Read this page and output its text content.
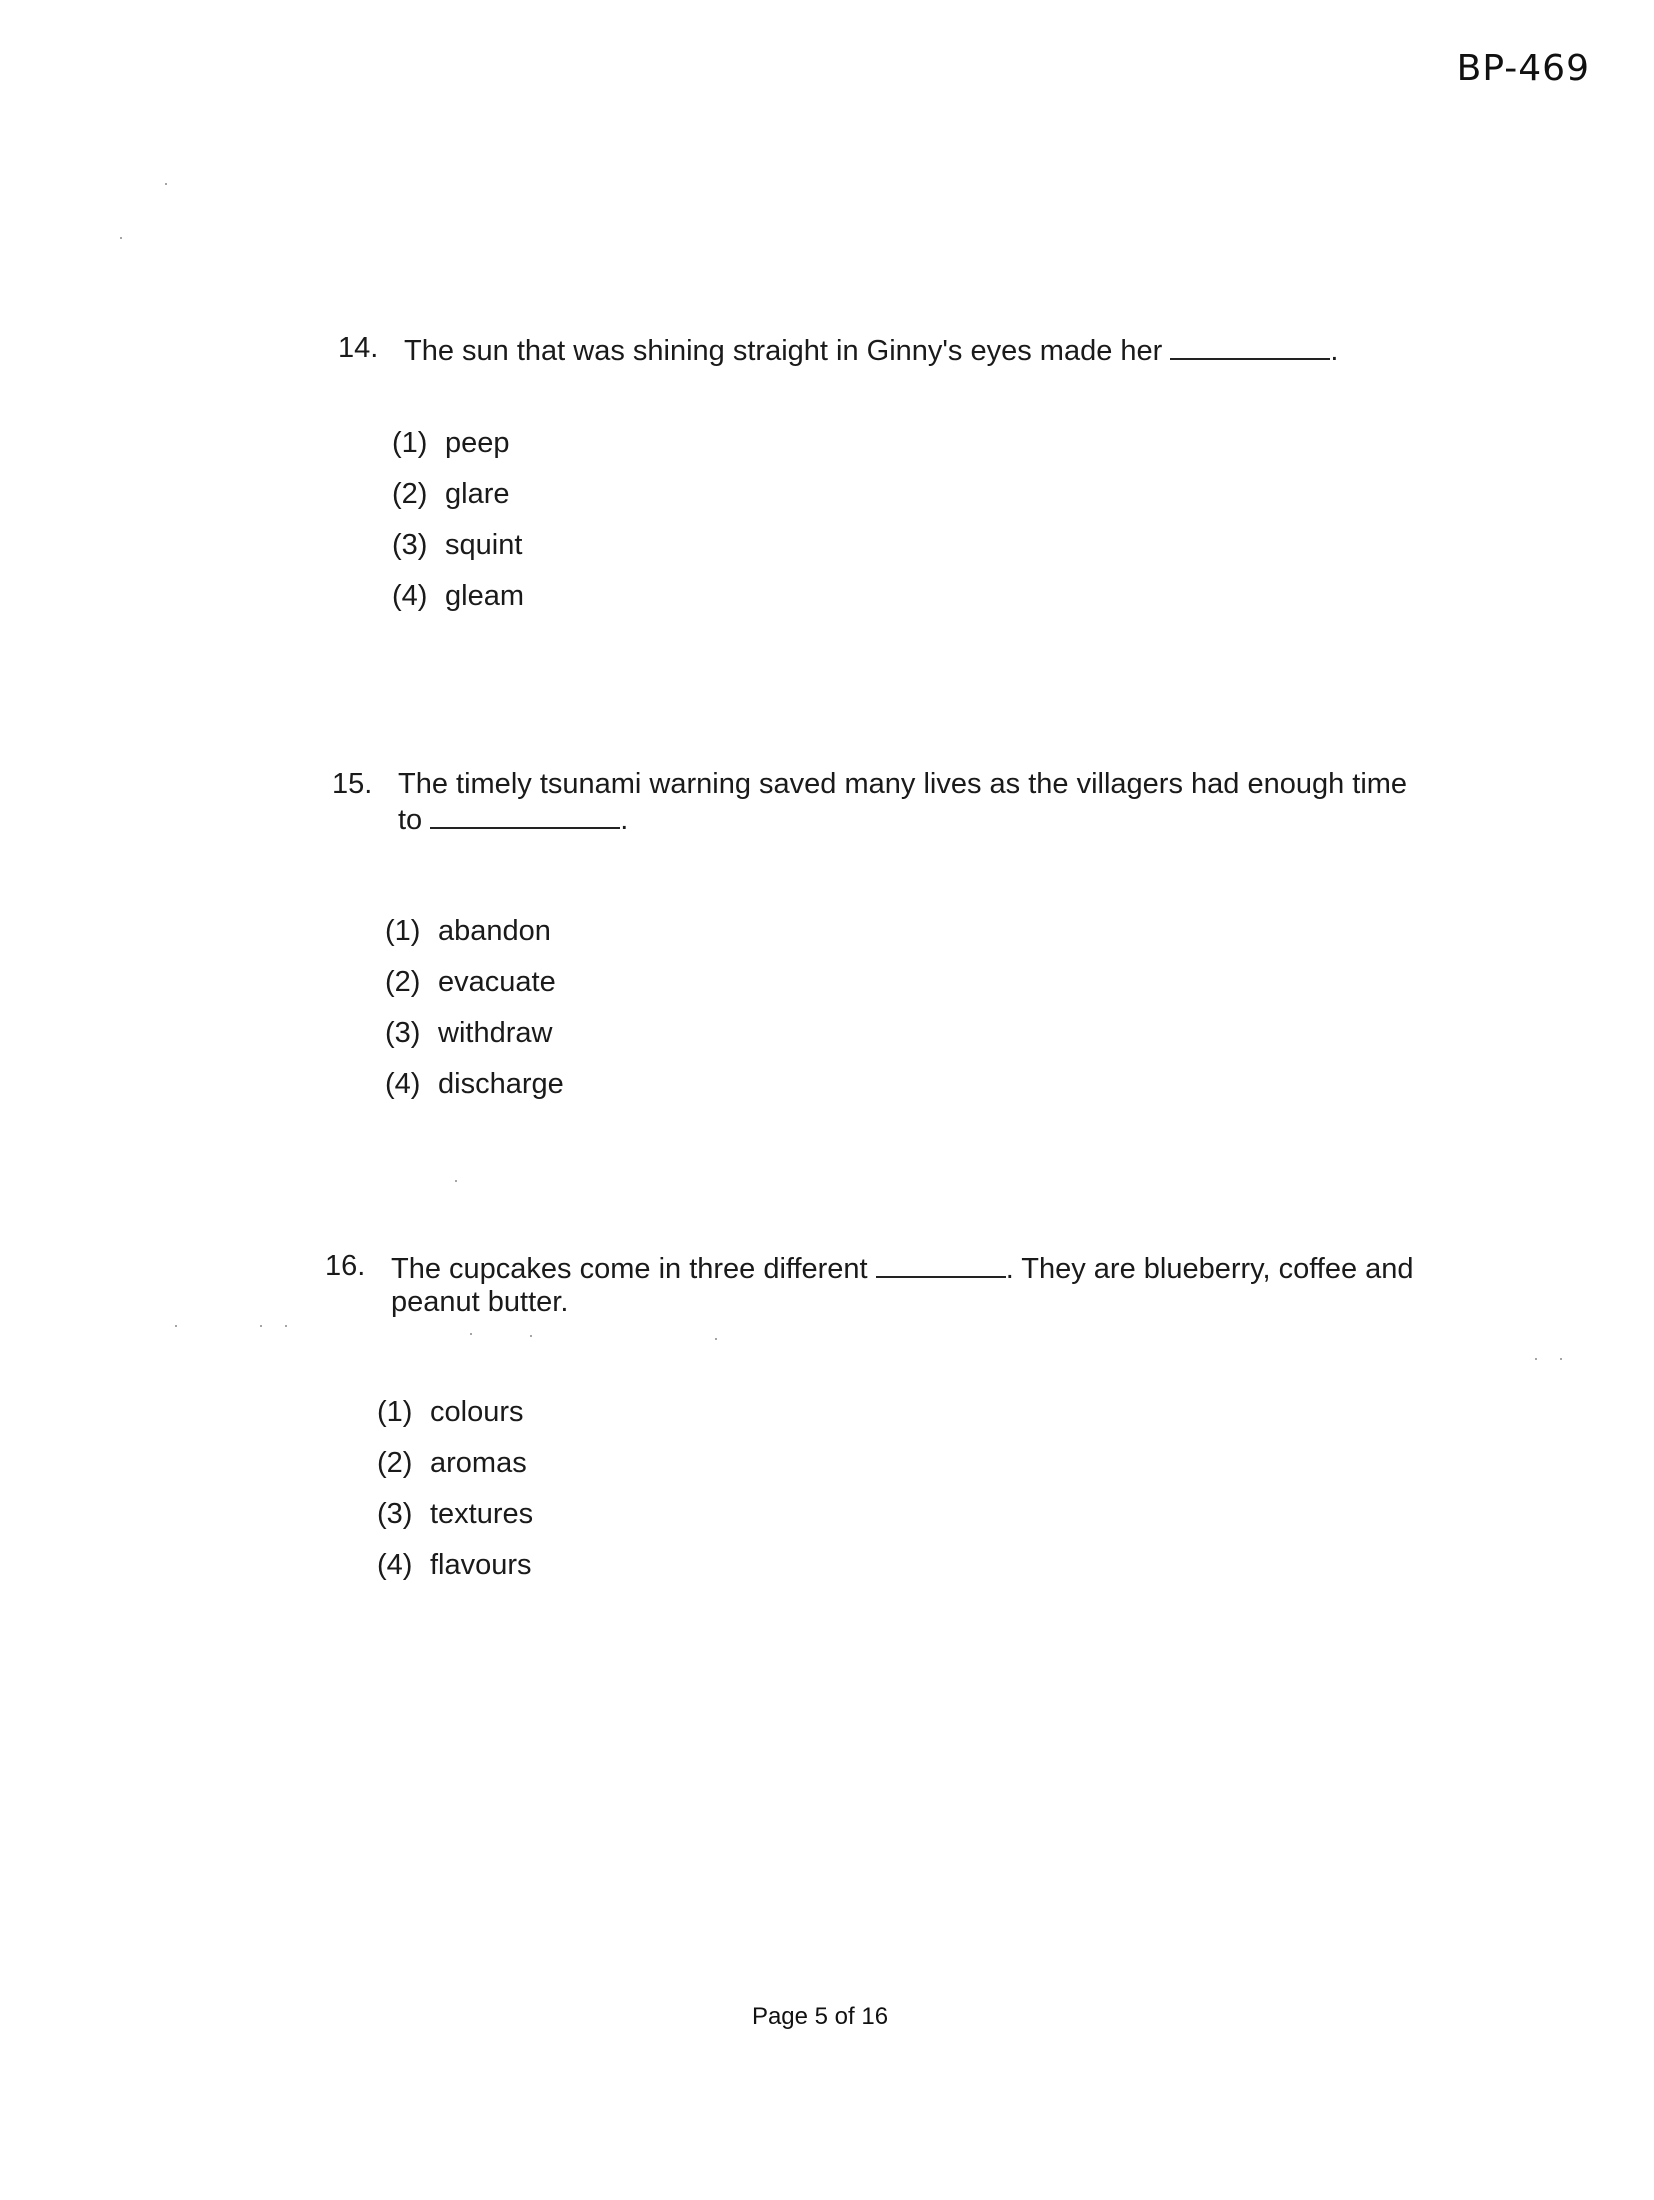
BP-469
14. The sun that was shining straight in Ginny's eyes made her	.
(1) peep
(2) glare
(3) squint
(4) gleam
15. The timely tsunami warning saved many lives as the villagers had enough time to	.
(1) abandon
(2) evacuate
(3) withdraw
(4) discharge
16. The cupcakes come in three different	. They are blueberry, coffee and peanut butter.
(1) colours
(2) aromas
(3) textures
(4) flavours
Page 5 of 16
